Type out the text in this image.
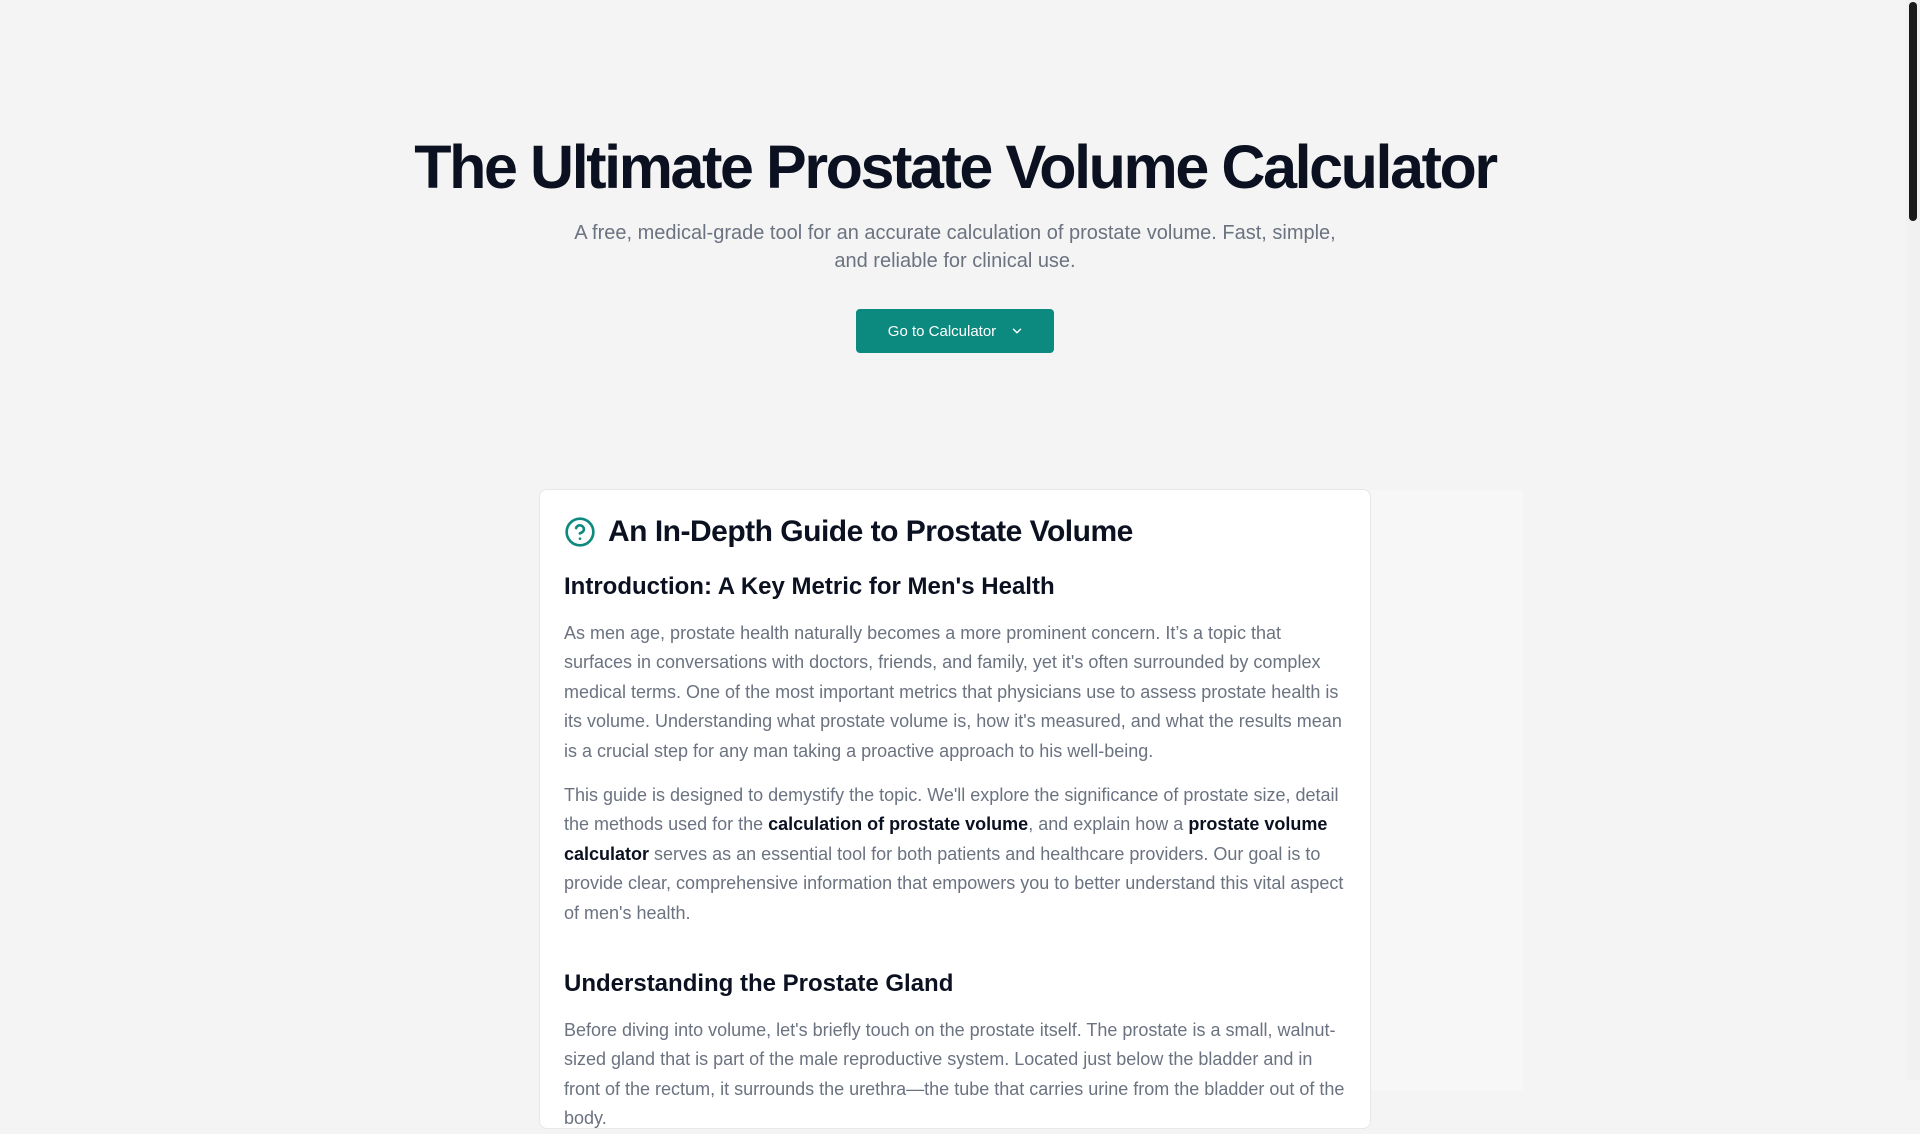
The Ultimate Prostate Volume Calculator

A free, medical-grade tool for an accurate calculation of prostate volume. Fast, simple, and reliable for clinical use.

Go to Calculator
An In-Depth Guide to Prostate Volume
Introduction: A Key Metric for Men's Health

As men age, prostate health naturally becomes a more prominent concern. It’s a topic that surfaces in conversations with doctors, friends, and family, yet it's often surrounded by complex medical terms. One of the most important metrics that physicians use to assess prostate health is its volume. Understanding what prostate volume is, how it's measured, and what the results mean is a crucial step for any man taking a proactive approach to his well-being.

This guide is designed to demystify the topic. We'll explore the significance of prostate size, detail the methods used for the calculation of prostate volume, and explain how a prostate volume calculator serves as an essential tool for both patients and healthcare providers. Our goal is to provide clear, comprehensive information that empowers you to better understand this vital aspect of men's health.

Understanding the Prostate Gland

Before diving into volume, let's briefly touch on the prostate itself. The prostate is a small, walnut-sized gland that is part of the male reproductive system. Located just below the bladder and in front of the rectum, it surrounds the urethra—the tube that carries urine from the bladder out of the body.
